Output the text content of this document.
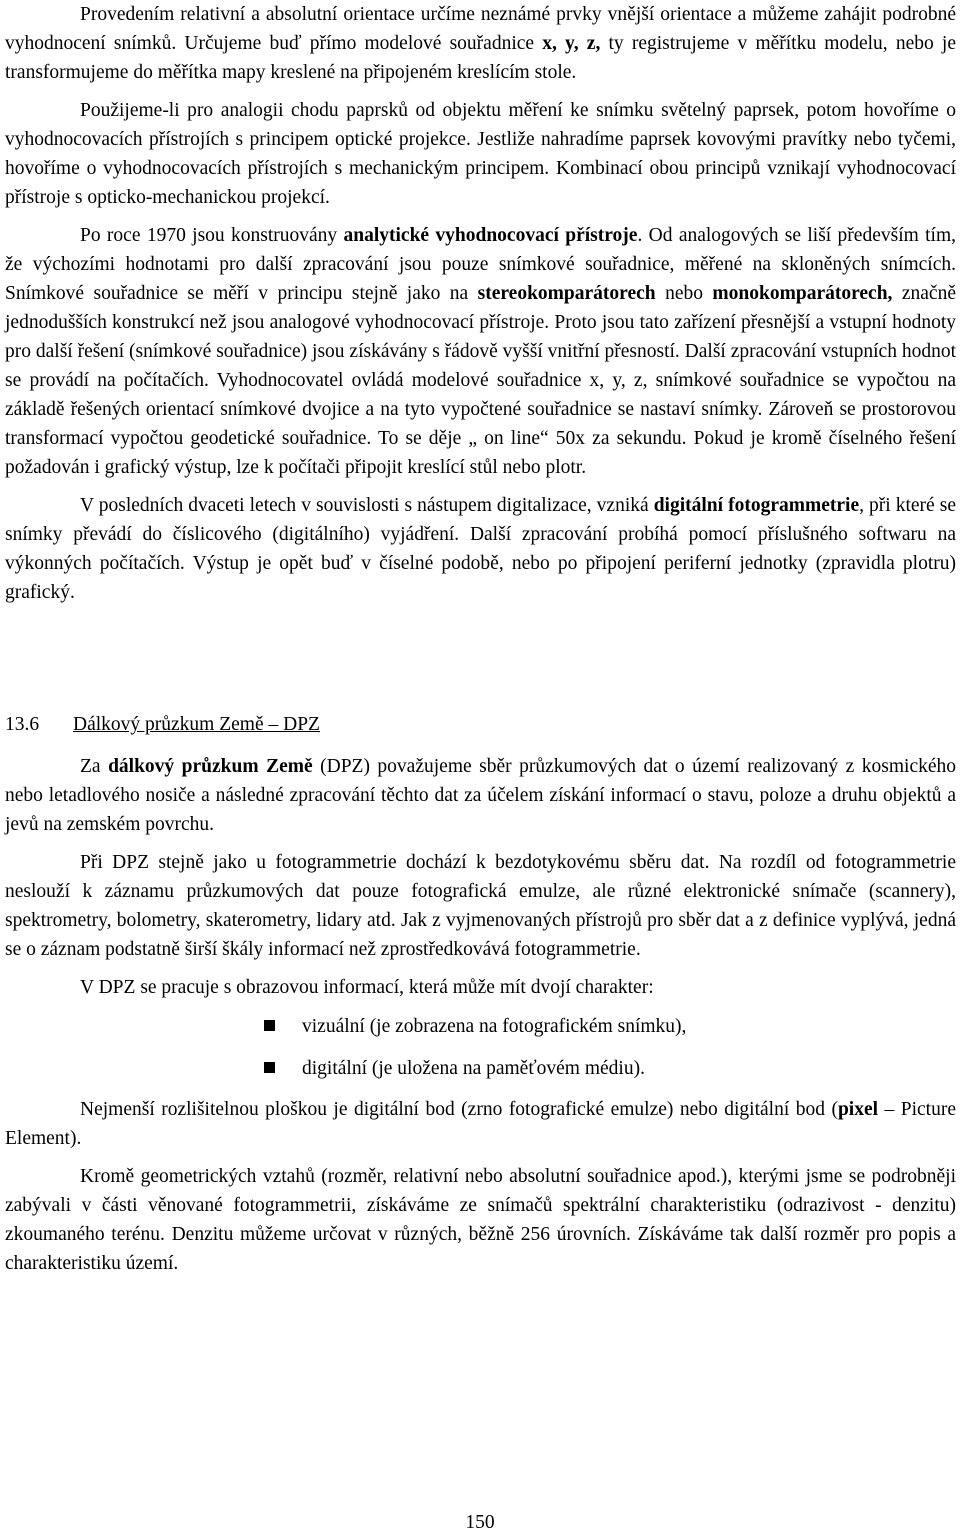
Provedením relativní a absolutní orientace určíme neznámé prvky vnější orientace a můžeme zahájit podrobné vyhodnocení snímků. Určujeme buď přímo modelové souřadnice x, y, z, ty registrujeme v měřítku modelu, nebo je transformujeme do měřítka mapy kreslené na připojeném kreslícím stole.

Použijeme-li pro analogii chodu paprsků od objektu měření ke snímku světelný paprsek, potom hovoříme o vyhodnocovacích přístrojích s principem optické projekce. Jestliže nahradíme paprsek kovovými pravítky nebo tyčemi, hovoříme o vyhodnocovacích přístrojích s mechanickým principem. Kombinací obou principů vznikají vyhodnocovací přístroje s opticko-mechanickou projekcí.

Po roce 1970 jsou konstruovány analytické vyhodnocovací přístroje. Od analogových se liší především tím, že výchozími hodnotami pro další zpracování jsou pouze snímkové souřadnice, měřené na skloněných snímcích. Snímkové souřadnice se měří v principu stejně jako na stereokomparátorech nebo monokomparátorech, značně jednodušších konstrukcí než jsou analogové vyhodnocovací přístroje. Proto jsou tato zařízení přesnější a vstupní hodnoty pro další řešení (snímkové souřadnice) jsou získávány s řádově vyšší vnitřní přesností. Další zpracování vstupních hodnot se provádí na počítačích. Vyhodnocovatel ovládá modelové souřadnice x, y, z, snímkové souřadnice se vypočtou na základě řešených orientací snímkové dvojice a na tyto vypočtené souřadnice se nastaví snímky. Zároveň se prostorovou transformací vypočtou geodetické souřadnice. To se děje „ on line“ 50x za sekundu. Pokud je kromě číselného řešení požadován i grafický výstup, lze k počítači připojit kreslící stůl nebo plotr.

V posledních dvaceti letech v souvislosti s nástupem digitalizace, vzniká digitální fotogrammetrie, při které se snímky převádí do číslicového (digitálního) vyjádření. Další zpracování probíhá pomocí příslušného softwaru na výkonných počítačích. Výstup je opět buď v číselné podobě, nebo po připojení periferní jednotky (zpravidla plotru) grafický.

13.6 Dálkový průzkum Země – DPZ

Za dálkový průzkum Země (DPZ) považujeme sběr průzkumových dat o území realizovaný z kosmického nebo letadlového nosiče a následné zpracování těchto dat za účelem získání informací o stavu, poloze a druhu objektů a jevů na zemském povrchu.

Při DPZ stejně jako u fotogrammetrie dochází k bezdotykovému sběru dat. Na rozdíl od fotogrammetrie neslouží k záznamu průzkumových dat pouze fotografická emulze, ale různé elektronické snímače (scannery), spektrometry, bolometry, skaterometry, lidary atd. Jak z vyjmenovaných přístrojů pro sběr dat a z definice vyplývá, jedná se o záznam podstatně širší škály informací než zprostředkovává fotogrammetrie.

V DPZ se pracuje s obrazovou informací, která může mít dvojí charakter:

vizuální (je zobrazena na fotografickém snímku),
digitální (je uložena na paměťovém médiu).

Nejmenší rozlišitelnou ploškou je digitální bod (zrno fotografické emulze) nebo digitální bod (pixel – Picture Element).

Kromě geometrických vztahů (rozměr, relativní nebo absolutní souřadnice apod.), kterými jsme se podrobněji zabývali v části věnované fotogrammetrii, získáváme ze snímačů spektrální charakteristiku (odrazivost - denzitu) zkoumaného terénu. Denzitu můžeme určovat v různých, běžně 256 úrovních. Získáváme tak další rozměr pro popis a charakteristiku území.

150
